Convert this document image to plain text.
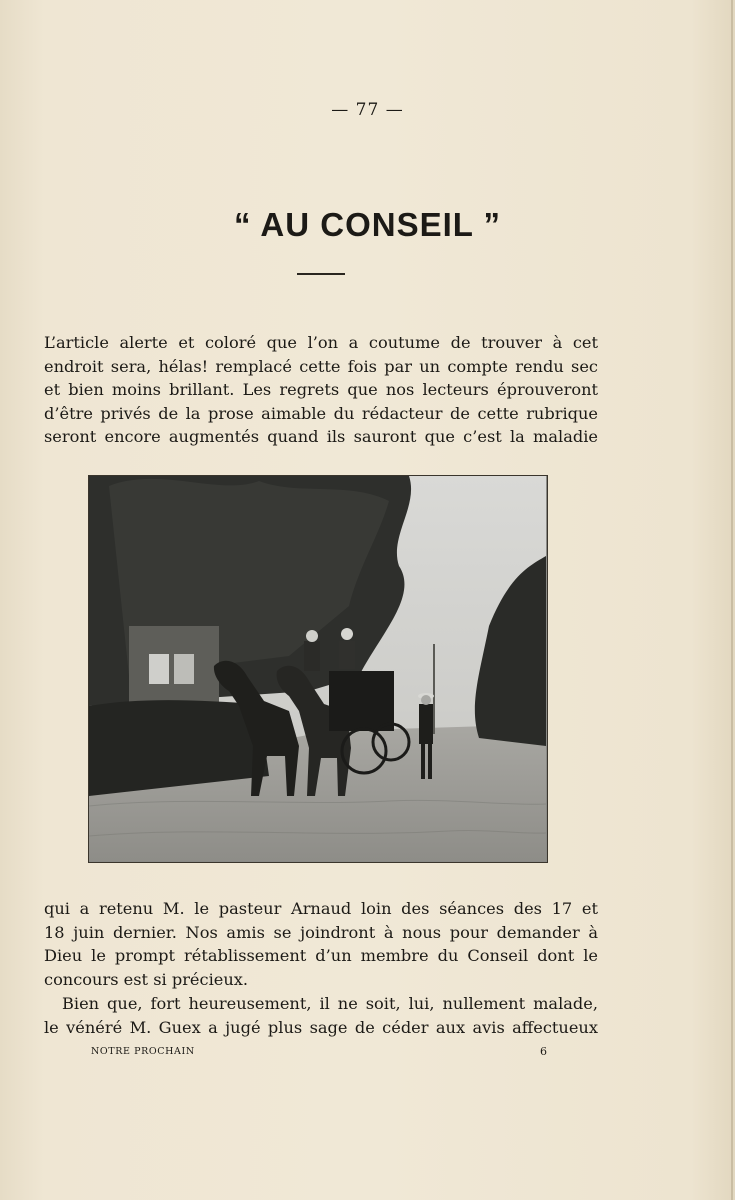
— 77 —
“ AU CONSEIL ”
L’article alerte et coloré que l’on a coutume de trouver à cet
endroit sera, hélas! remplacé cette fois par un compte rendu sec
et bien moins brillant. Les regrets que nos lecteurs éprouveront
d’être privés de la prose aimable du rédacteur de cette rubrique
seront encore augmentés quand ils sauront que c’est la maladie
qui a retenu M. le pasteur Arnaud loin des séances des 17 et
18 juin dernier. Nos amis se joindront à nous pour demander à
Dieu le prompt rétablissement d’un membre du Conseil dont le
concours est si précieux.
Bien que, fort heureusement, il ne soit, lui, nullement malade,
le vénéré M. Guex a jugé plus sage de céder aux avis affectueux
NOTRE PROCHAIN	6
